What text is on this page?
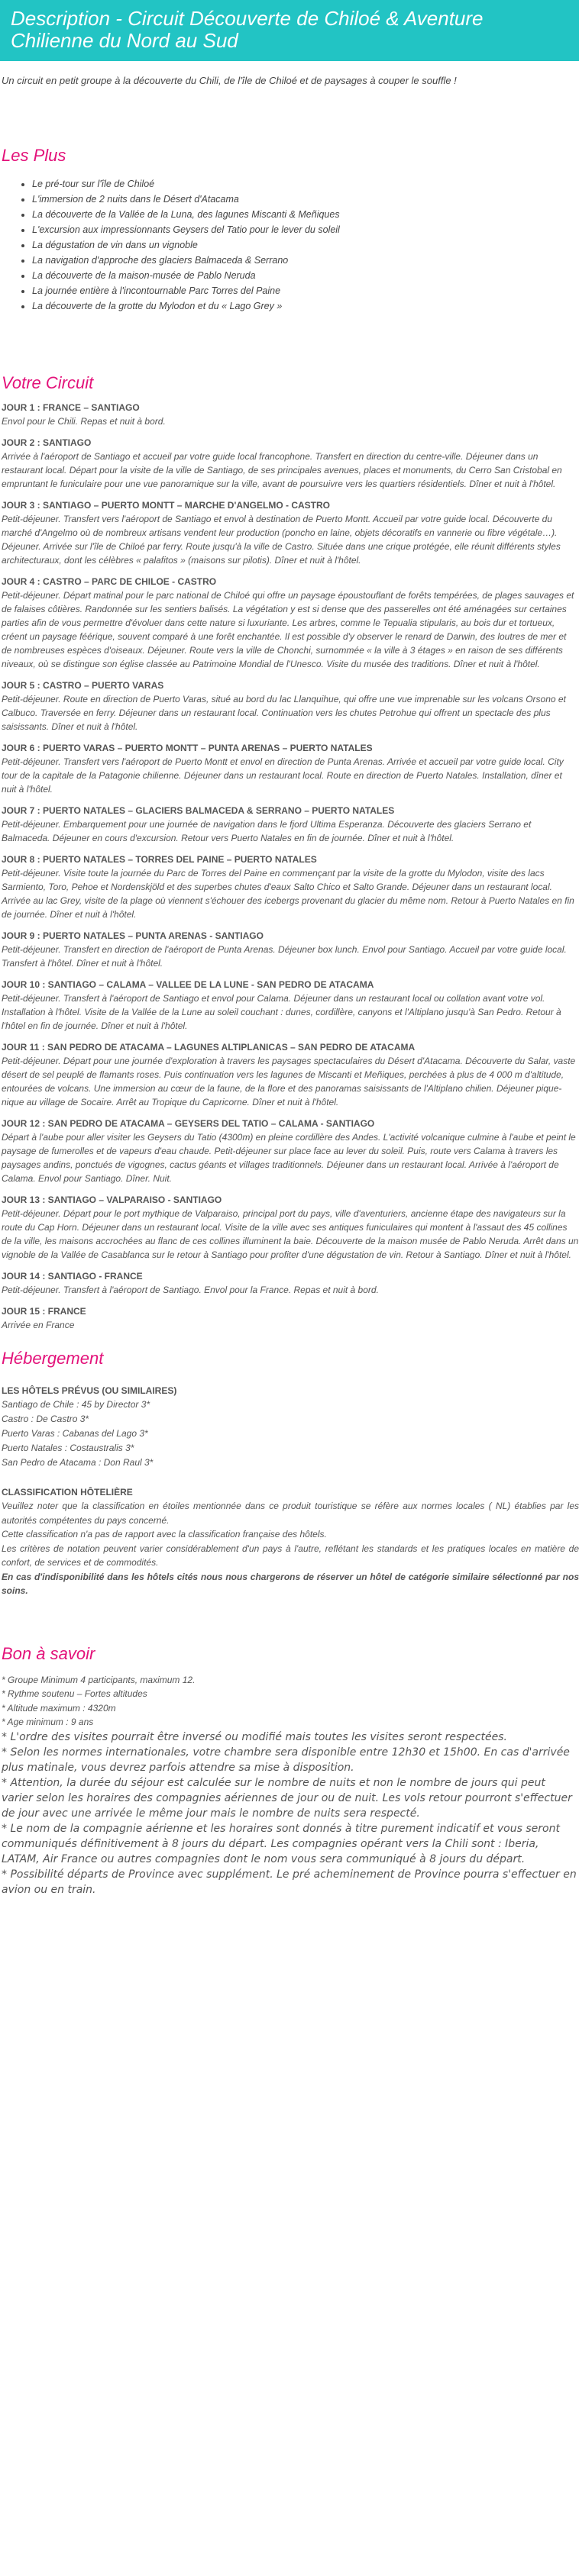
Description - Circuit Découverte de Chiloé & Aventure Chilienne du Nord au Sud

Un circuit en petit groupe à la découverte du Chili, de l'île de Chiloé et de paysages à couper le souffle !

Les Plus
• Le pré-tour sur l'île de Chiloé
• L'immersion de 2 nuits dans le Désert d'Atacama
• La découverte de la Vallée de la Luna, des lagunes Miscanti & Meñiques
• L'excursion aux impressionnants Geysers del Tatio pour le lever du soleil
• La dégustation de vin dans un vignoble
• La navigation d'approche des glaciers Balmaceda & Serrano
• La découverte de la maison-musée de Pablo Neruda
• La journée entière à l'incontournable Parc Torres del Paine
• La découverte de la grotte du Mylodon et du « Lago Grey »
Votre Circuit
JOUR 1 : FRANCE – SANTIAGO
Envol pour le Chili. Repas et nuit à bord.
JOUR 2 : SANTIAGO
Arrivée à l'aéroport de Santiago et accueil par votre guide local francophone. Transfert en direction du centre-ville. Déjeuner dans un restaurant local. Départ pour la visite de la ville de Santiago, de ses principales avenues, places et monuments, du Cerro San Cristobal en empruntant le funiculaire pour une vue panoramique sur la ville, avant de poursuivre vers les quartiers résidentiels. Dîner et nuit à l'hôtel.
JOUR 3 : SANTIAGO – PUERTO MONTT – MARCHE D'ANGELMO - CASTRO
Petit-déjeuner. Transfert vers l'aéroport de Santiago et envol à destination de Puerto Montt. Accueil par votre guide local. Découverte du marché d'Angelmo où de nombreux artisans vendent leur production (poncho en laine, objets décoratifs en vannerie ou fibre végétale…). Déjeuner. Arrivée sur l'île de Chiloé par ferry. Route jusqu'à la ville de Castro. Située dans une crique protégée, elle réunit différents styles architecturaux, dont les célèbres « palafitos » (maisons sur pilotis). Dîner et nuit à l'hôtel.
JOUR 4 : CASTRO – PARC DE CHILOE - CASTRO
Petit-déjeuner. Départ matinal pour le parc national de Chiloé qui offre un paysage époustouflant de forêts tempérées, de plages sauvages et de falaises côtières. Randonnée sur les sentiers balisés. La végétation y est si dense que des passerelles ont été aménagées sur certaines parties afin de vous permettre d'évoluer dans cette nature si luxuriante. Les arbres, comme le Tepualia stipularis, au bois dur et tortueux, créent un paysage féérique, souvent comparé à une forêt enchantée. Il est possible d'y observer le renard de Darwin, des loutres de mer et de nombreuses espèces d'oiseaux. Déjeuner. Route vers la ville de Chonchi, surnommée « la ville à 3 étages » en raison de ses différents niveaux, où se distingue son église classée au Patrimoine Mondial de l'Unesco. Visite du musée des traditions. Dîner et nuit à l'hôtel.
JOUR 5 : CASTRO – PUERTO VARAS
Petit-déjeuner. Route en direction de Puerto Varas, situé au bord du lac Llanquihue, qui offre une vue imprenable sur les volcans Orsono et Calbuco. Traversée en ferry. Déjeuner dans un restaurant local. Continuation vers les chutes Petrohue qui offrent un spectacle des plus saisissants. Dîner et nuit à l'hôtel.
JOUR 6 : PUERTO VARAS – PUERTO MONTT – PUNTA ARENAS – PUERTO NATALES
Petit-déjeuner. Transfert vers l'aéroport de Puerto Montt et envol en direction de Punta Arenas. Arrivée et accueil par votre guide local. City tour de la capitale de la Patagonie chilienne. Déjeuner dans un restaurant local. Route en direction de Puerto Natales. Installation, dîner et nuit à l'hôtel.
JOUR 7 : PUERTO NATALES – GLACIERS BALMACEDA & SERRANO – PUERTO NATALES
Petit-déjeuner. Embarquement pour une journée de navigation dans le fjord Ultima Esperanza. Découverte des glaciers Serrano et Balmaceda. Déjeuner en cours d'excursion. Retour vers Puerto Natales en fin de journée. Dîner et nuit à l'hôtel.
JOUR 8 : PUERTO NATALES – TORRES DEL PAINE – PUERTO NATALES
Petit-déjeuner. Visite toute la journée du Parc de Torres del Paine en commençant par la visite de la grotte du Mylodon, visite des lacs Sarmiento, Toro, Pehoe et Nordenskjöld et des superbes chutes d'eaux Salto Chico et Salto Grande. Déjeuner dans un restaurant local. Arrivée au lac Grey, visite de la plage où viennent s'échouer des icebergs provenant du glacier du même nom. Retour à Puerto Natales en fin de journée. Dîner et nuit à l'hôtel.
JOUR 9 : PUERTO NATALES – PUNTA ARENAS - SANTIAGO
Petit-déjeuner. Transfert en direction de l'aéroport de Punta Arenas. Déjeuner box lunch. Envol pour Santiago. Accueil par votre guide local. Transfert à l'hôtel. Dîner et nuit à l'hôtel.
JOUR 10 : SANTIAGO – CALAMA – VALLEE DE LA LUNE - SAN PEDRO DE ATACAMA
Petit-déjeuner. Transfert à l'aéroport de Santiago et envol pour Calama. Déjeuner dans un restaurant local ou collation avant votre vol. Installation à l'hôtel. Visite de la Vallée de la Lune au soleil couchant : dunes, cordillère, canyons et l'Altiplano jusqu'à San Pedro. Retour à l'hôtel en fin de journée. Dîner et nuit à l'hôtel.
JOUR 11 : SAN PEDRO DE ATACAMA – LAGUNES ALTIPLANICAS – SAN PEDRO DE ATACAMA
Petit-déjeuner. Départ pour une journée d'exploration à travers les paysages spectaculaires du Désert d'Atacama. Découverte du Salar, vaste désert de sel peuplé de flamants roses. Puis continuation vers les lagunes de Miscanti et Meñiques, perchées à plus de 4 000 m d'altitude, entourées de volcans. Une immersion au cœur de la faune, de la flore et des panoramas saisissants de l'Altiplano chilien. Déjeuner pique-nique au village de Socaire. Arrêt au Tropique du Capricorne. Dîner et nuit à l'hôtel.
JOUR 12 : SAN PEDRO DE ATACAMA – GEYSERS DEL TATIO – CALAMA - SANTIAGO
Départ à l'aube pour aller visiter les Geysers du Tatio (4300m) en pleine cordillère des Andes. L'activité volcanique culmine à l'aube et peint le paysage de fumerolles et de vapeurs d'eau chaude. Petit-déjeuner sur place face au lever du soleil. Puis, route vers Calama à travers les paysages andins, ponctués de vigognes, cactus géants et villages traditionnels. Déjeuner dans un restaurant local. Arrivée à l'aéroport de Calama. Envol pour Santiago. Dîner. Nuit.
JOUR 13 : SANTIAGO – VALPARAISO - SANTIAGO
Petit-déjeuner. Départ pour le port mythique de Valparaiso, principal port du pays, ville d'aventuriers, ancienne étape des navigateurs sur la route du Cap Horn. Déjeuner dans un restaurant local. Visite de la ville avec ses antiques funiculaires qui montent à l'assaut des 45 collines de la ville, les maisons accrochées au flanc de ces collines illuminent la baie. Découverte de la maison musée de Pablo Neruda. Arrêt dans un vignoble de la Vallée de Casablanca sur le retour à Santiago pour profiter d'une dégustation de vin. Retour à Santiago. Dîner et nuit à l'hôtel.
JOUR 14 : SANTIAGO - FRANCE
Petit-déjeuner. Transfert à l'aéroport de Santiago. Envol pour la France. Repas et nuit à bord.
JOUR 15 : FRANCE
Arrivée en France
Hébergement
LES HÔTELS PRÉVUS (OU SIMILAIRES)
Santiago de Chile : 45 by Director 3*
Castro : De Castro 3*
Puerto Varas : Cabanas del Lago 3*
Puerto Natales : Costaustralis 3*
San Pedro de Atacama : Don Raul 3*
CLASSIFICATION HÔTELIÈRE
Veuillez noter que la classification en étoiles mentionnée dans ce produit touristique se réfère aux normes locales ( NL) établies par les autorités compétentes du pays concerné.
Cette classification n'a pas de rapport avec la classification française des hôtels.
Les critères de notation peuvent varier considérablement d'un pays à l'autre, reflétant les standards et les pratiques locales en matière de confort, de services et de commodités.
En cas d'indisponibilité dans les hôtels cités nous nous chargerons de réserver un hôtel de catégorie similaire sélectionné par nos soins.
Bon à savoir
* Groupe Minimum 4 participants, maximum 12.
* Rythme soutenu – Fortes altitudes
* Altitude maximum : 4320m
* Age minimum : 9 ans
* L'ordre des visites pourrait être inversé ou modifié mais toutes les visites seront respectées.
* Selon les normes internationales, votre chambre sera disponible entre 12h30 et 15h00. En cas d'arrivée plus matinale, vous devrez parfois attendre sa mise à disposition.
* Attention, la durée du séjour est calculée sur le nombre de nuits et non le nombre de jours qui peut varier selon les horaires des compagnies aériennes de jour ou de nuit. Les vols retour pourront s'effectuer de jour avec une arrivée le même jour mais le nombre de nuits sera respecté.
* Le nom de la compagnie aérienne et les horaires sont donnés à titre purement indicatif et vous seront communiqués définitivement à 8 jours du départ. Les compagnies opérant vers la Chili sont : Iberia, LATAM, Air France ou autres compagnies dont le nom vous sera communiqué à 8 jours du départ.
* Possibilité départs de Province avec supplément. Le pré acheminement de Province pourra s'effectuer en avion ou en train.
